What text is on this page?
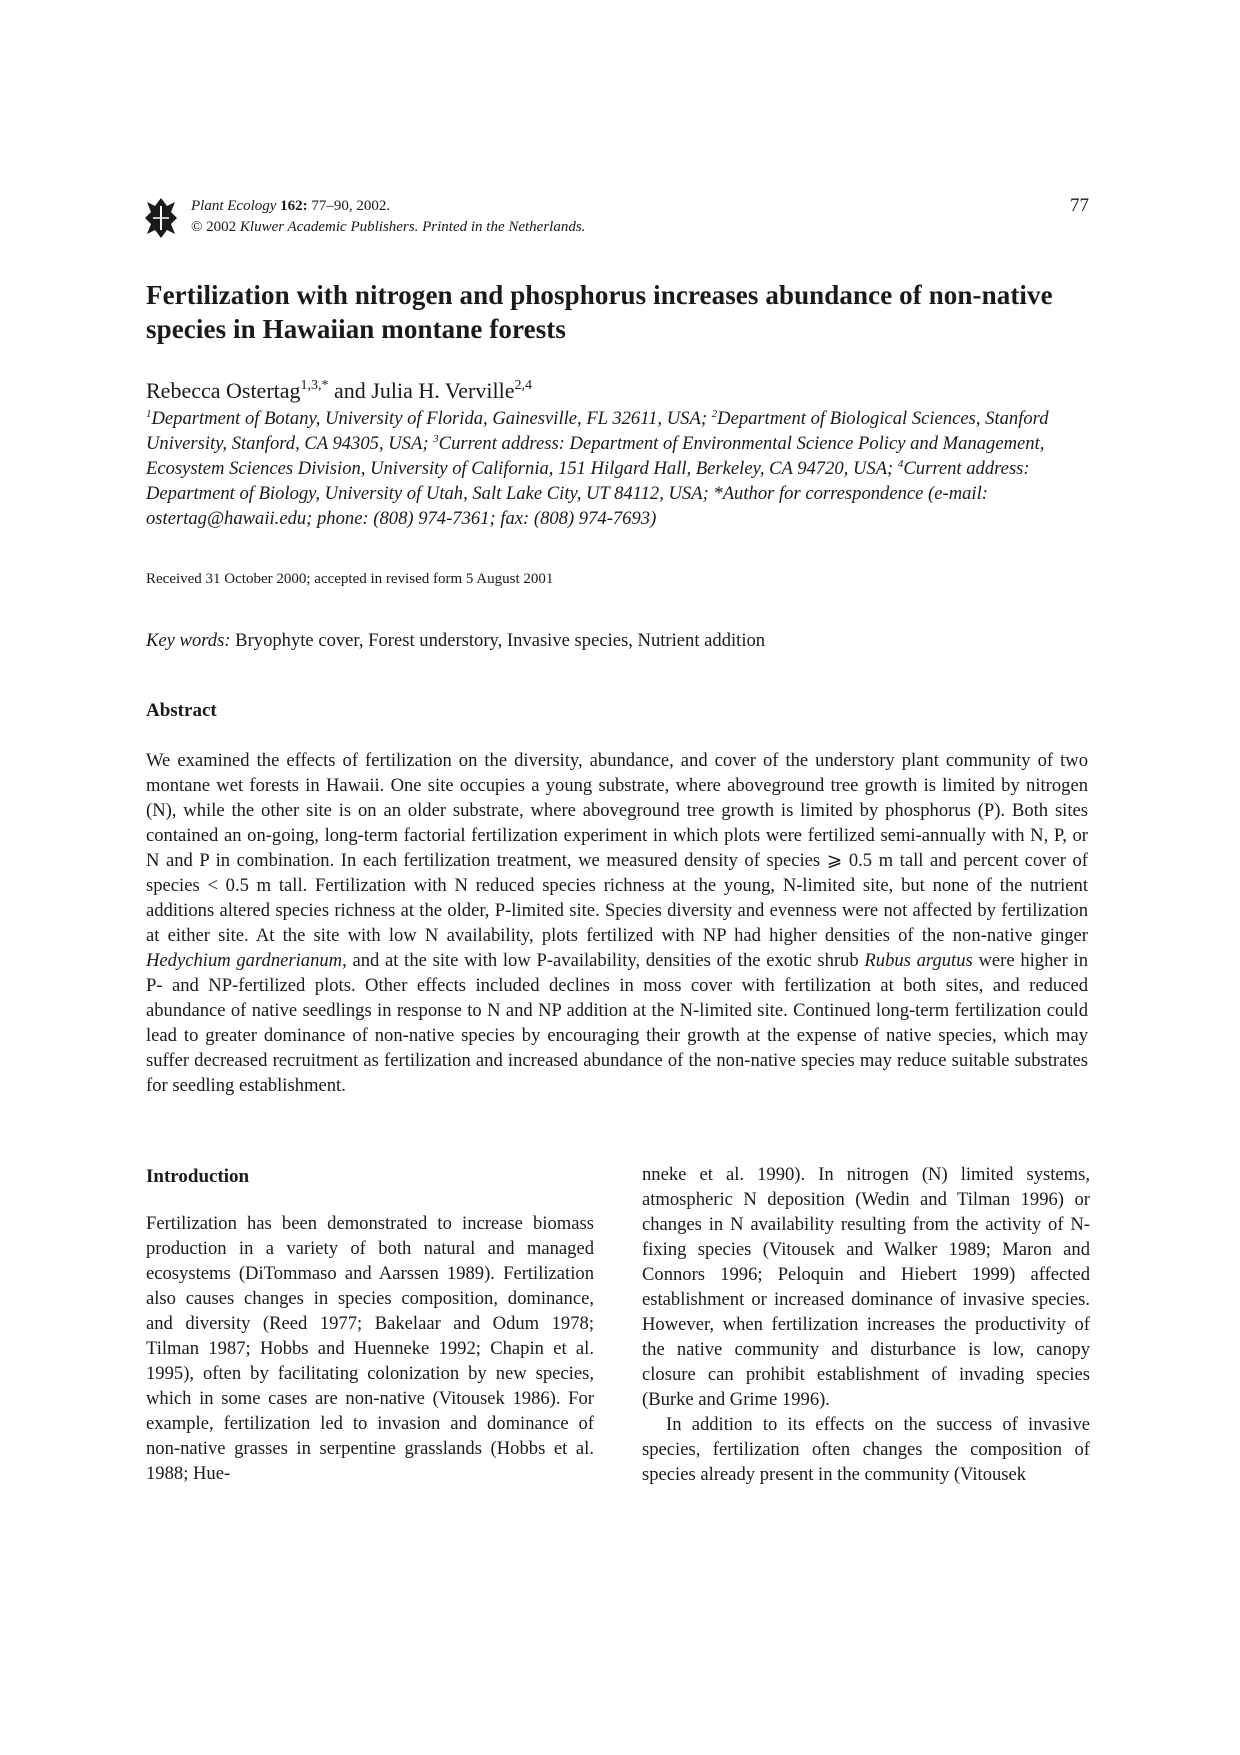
Plant Ecology 162: 77–90, 2002.
© 2002 Kluwer Academic Publishers. Printed in the Netherlands.
77
Fertilization with nitrogen and phosphorus increases abundance of non-native species in Hawaiian montane forests
Rebecca Ostertag$^{1,3,*}$ and Julia H. Verville$^{2,4}$

$^1$Department of Botany, University of Florida, Gainesville, FL 32611, USA; $^2$Department of Biological Sciences, Stanford University, Stanford, CA 94305, USA; $^3$Current address: Department of Environmental Science Policy and Management, Ecosystem Sciences Division, University of California, 151 Hilgard Hall, Berkeley, CA 94720, USA; $^4$Current address: Department of Biology, University of Utah, Salt Lake City, UT 84112, USA; *Author for correspondence (e-mail: ostertag@hawaii.edu; phone: (808) 974-7361; fax: (808) 974-7693)

Received 31 October 2000; accepted in revised form 5 August 2001
Key words: Bryophyte cover, Forest understory, Invasive species, Nutrient addition
Abstract

We examined the effects of fertilization on the diversity, abundance, and cover of the understory plant community of two montane wet forests in Hawaii. One site occupies a young substrate, where aboveground tree growth is limited by nitrogen (N), while the other site is on an older substrate, where aboveground tree growth is limited by phosphorus (P). Both sites contained an on-going, long-term factorial fertilization experiment in which plots were fertilized semi-annually with N, P, or N and P in combination. In each fertilization treatment, we measured density of species ⩾ 0.5 m tall and percent cover of species < 0.5 m tall. Fertilization with N reduced species richness at the young, N-limited site, but none of the nutrient additions altered species richness at the older, P-limited site. Species diversity and evenness were not affected by fertilization at either site. At the site with low N availability, plots fertilized with NP had higher densities of the non-native ginger Hedychium gardnerianum, and at the site with low P-availability, densities of the exotic shrub Rubus argutus were higher in P- and NP-fertilized plots. Other effects included declines in moss cover with fertilization at both sites, and reduced abundance of native seedlings in response to N and NP addition at the N-limited site. Continued long-term fertilization could lead to greater dominance of non-native species by encouraging their growth at the expense of native species, which may suffer decreased recruitment as fertilization and increased abundance of the non-native species may reduce suitable substrates for seedling establishment.

Introduction

Fertilization has been demonstrated to increase biomass production in a variety of both natural and managed ecosystems (DiTommaso and Aarssen 1989). Fertilization also causes changes in species composition, dominance, and diversity (Reed 1977; Bakelaar and Odum 1978; Tilman 1987; Hobbs and Huenneke 1992; Chapin et al. 1995), often by facilitating colonization by new species, which in some cases are non-native (Vitousek 1986). For example, fertilization led to invasion and dominance of non-native grasses in serpentine grasslands (Hobbs et al. 1988; Hue-

nneke et al. 1990). In nitrogen (N) limited systems, atmospheric N deposition (Wedin and Tilman 1996) or changes in N availability resulting from the activity of N-fixing species (Vitousek and Walker 1989; Maron and Connors 1996; Peloquin and Hiebert 1999) affected establishment or increased dominance of invasive species. However, when fertilization increases the productivity of the native community and disturbance is low, canopy closure can prohibit establishment of invading species (Burke and Grime 1996).

In addition to its effects on the success of invasive species, fertilization often changes the composition of species already present in the community (Vitousek
